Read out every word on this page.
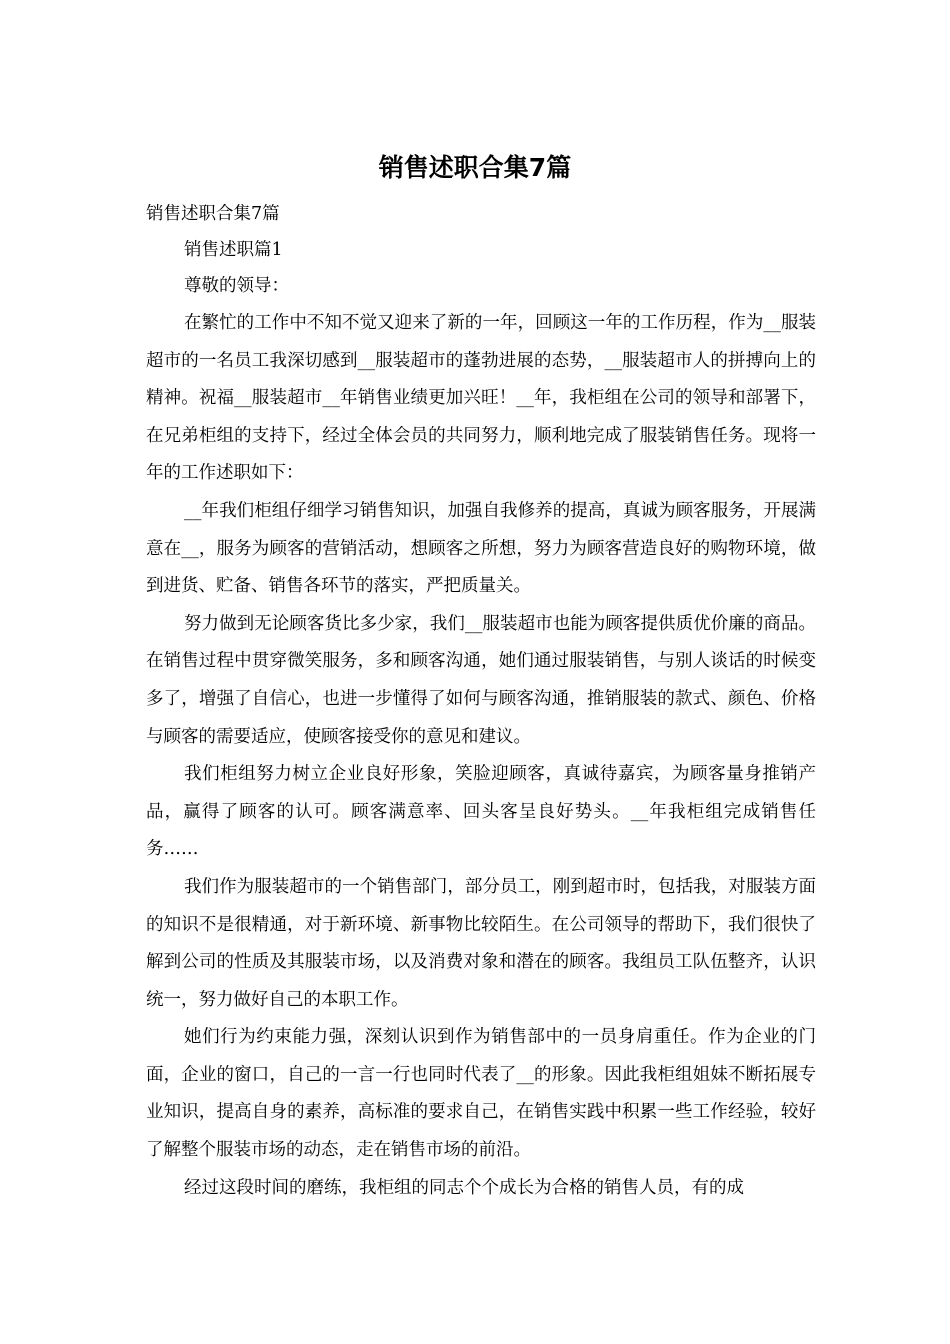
销售述职合集7篇

销售述职合集7篇

销售述职篇1

尊敬的领导：

在繁忙的工作中不知不觉又迎来了新的一年，回顾这一年的工作历程，作为__服装超市的一名员工我深切感到__服装超市的蓬勃进展的态势，__服装超市人的拼搏向上的精神。祝福__服装超市__年销售业绩更加兴旺！__年，我柜组在公司的领导和部署下，在兄弟柜组的支持下，经过全体会员的共同努力，顺利地完成了服装销售任务。现将一年的工作述职如下：

__年我们柜组仔细学习销售知识，加强自我修养的提高，真诚为顾客服务，开展满意在__，服务为顾客的营销活动，想顾客之所想，努力为顾客营造良好的购物环境，做到进货、贮备、销售各环节的落实，严把质量关。

努力做到无论顾客货比多少家，我们__服装超市也能为顾客提供质优价廉的商品。在销售过程中贯穿微笑服务，多和顾客沟通，她们通过服装销售，与别人谈话的时候变多了，增强了自信心，也进一步懂得了如何与顾客沟通，推销服装的款式、颜色、价格与顾客的需要适应，使顾客接受你的意见和建议。

我们柜组努力树立企业良好形象，笑脸迎顾客，真诚待嘉宾，为顾客量身推销产品，赢得了顾客的认可。顾客满意率、回头客呈良好势头。__年我柜组完成销售任务……

我们作为服装超市的一个销售部门，部分员工，刚到超市时，包括我，对服装方面的知识不是很精通，对于新环境、新事物比较陌生。在公司领导的帮助下，我们很快了解到公司的性质及其服装市场，以及消费对象和潜在的顾客。我组员工队伍整齐，认识统一，努力做好自己的本职工作。

她们行为约束能力强，深刻认识到作为销售部中的一员身肩重任。作为企业的门面，企业的窗口，自己的一言一行也同时代表了__的形象。因此我柜组姐妹不断拓展专业知识，提高自身的素养，高标准的要求自己，在销售实践中积累一些工作经验，较好了解整个服装市场的动态，走在销售市场的前沿。

经过这段时间的磨练，我柜组的同志个个成长为合格的销售人员，有的成
